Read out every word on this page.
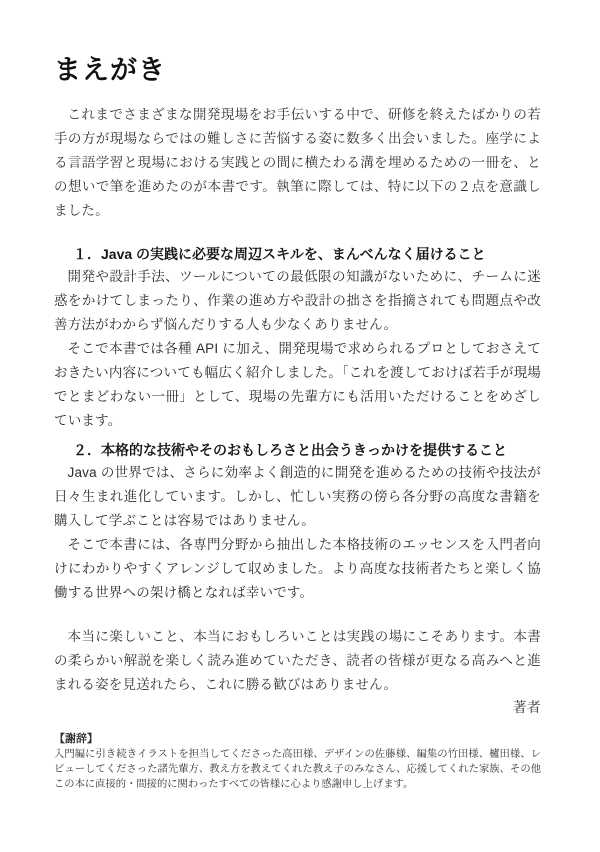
まえがき

これまでさまざまな開発現場をお手伝いする中で、研修を終えたばかりの若手の方が現場ならではの難しさに苦悩する姿に数多く出会いました。座学による言語学習と現場における実践との間に横たわる溝を埋めるための一冊を、との想いで筆を進めたのが本書です。執筆に際しては、特に以下の２点を意識しました。

１．Java の実践に必要な周辺スキルを、まんべんなく届けること

開発や設計手法、ツールについての最低限の知識がないために、チームに迷惑をかけてしまったり、作業の進め方や設計の拙さを指摘されても問題点や改善方法がわからず悩んだりする人も少なくありません。

そこで本書では各種 API に加え、開発現場で求められるプロとしておさえておきたい内容についても幅広く紹介しました。「これを渡しておけば若手が現場でとまどわない一冊」として、現場の先輩方にも活用いただけることをめざしています。

２．本格的な技術やそのおもしろさと出会うきっかけを提供すること

Java の世界では、さらに効率よく創造的に開発を進めるための技術や技法が日々生まれ進化しています。しかし、忙しい実務の傍ら各分野の高度な書籍を購入して学ぶことは容易ではありません。

そこで本書には、各専門分野から抽出した本格技術のエッセンスを入門者向けにわかりやすくアレンジして収めました。より高度な技術者たちと楽しく協働する世界への架け橋となれば幸いです。

本当に楽しいこと、本当におもしろいことは実践の場にこそあります。本書の柔らかい解説を楽しく読み進めていただき、読者の皆様が更なる高みへと進まれる姿を見送れたら、これに勝る歓びはありません。

著者

【謝辞】

入門編に引き続きイラストを担当してくださった高田様、デザインの佐藤様、編集の竹田様、櫨田様、レビューしてくださった諸先輩方、教え方を教えてくれた教え子のみなさん、応援してくれた家族、その他この本に直接的・間接的に関わったすべての皆様に心より感謝申し上げます。
